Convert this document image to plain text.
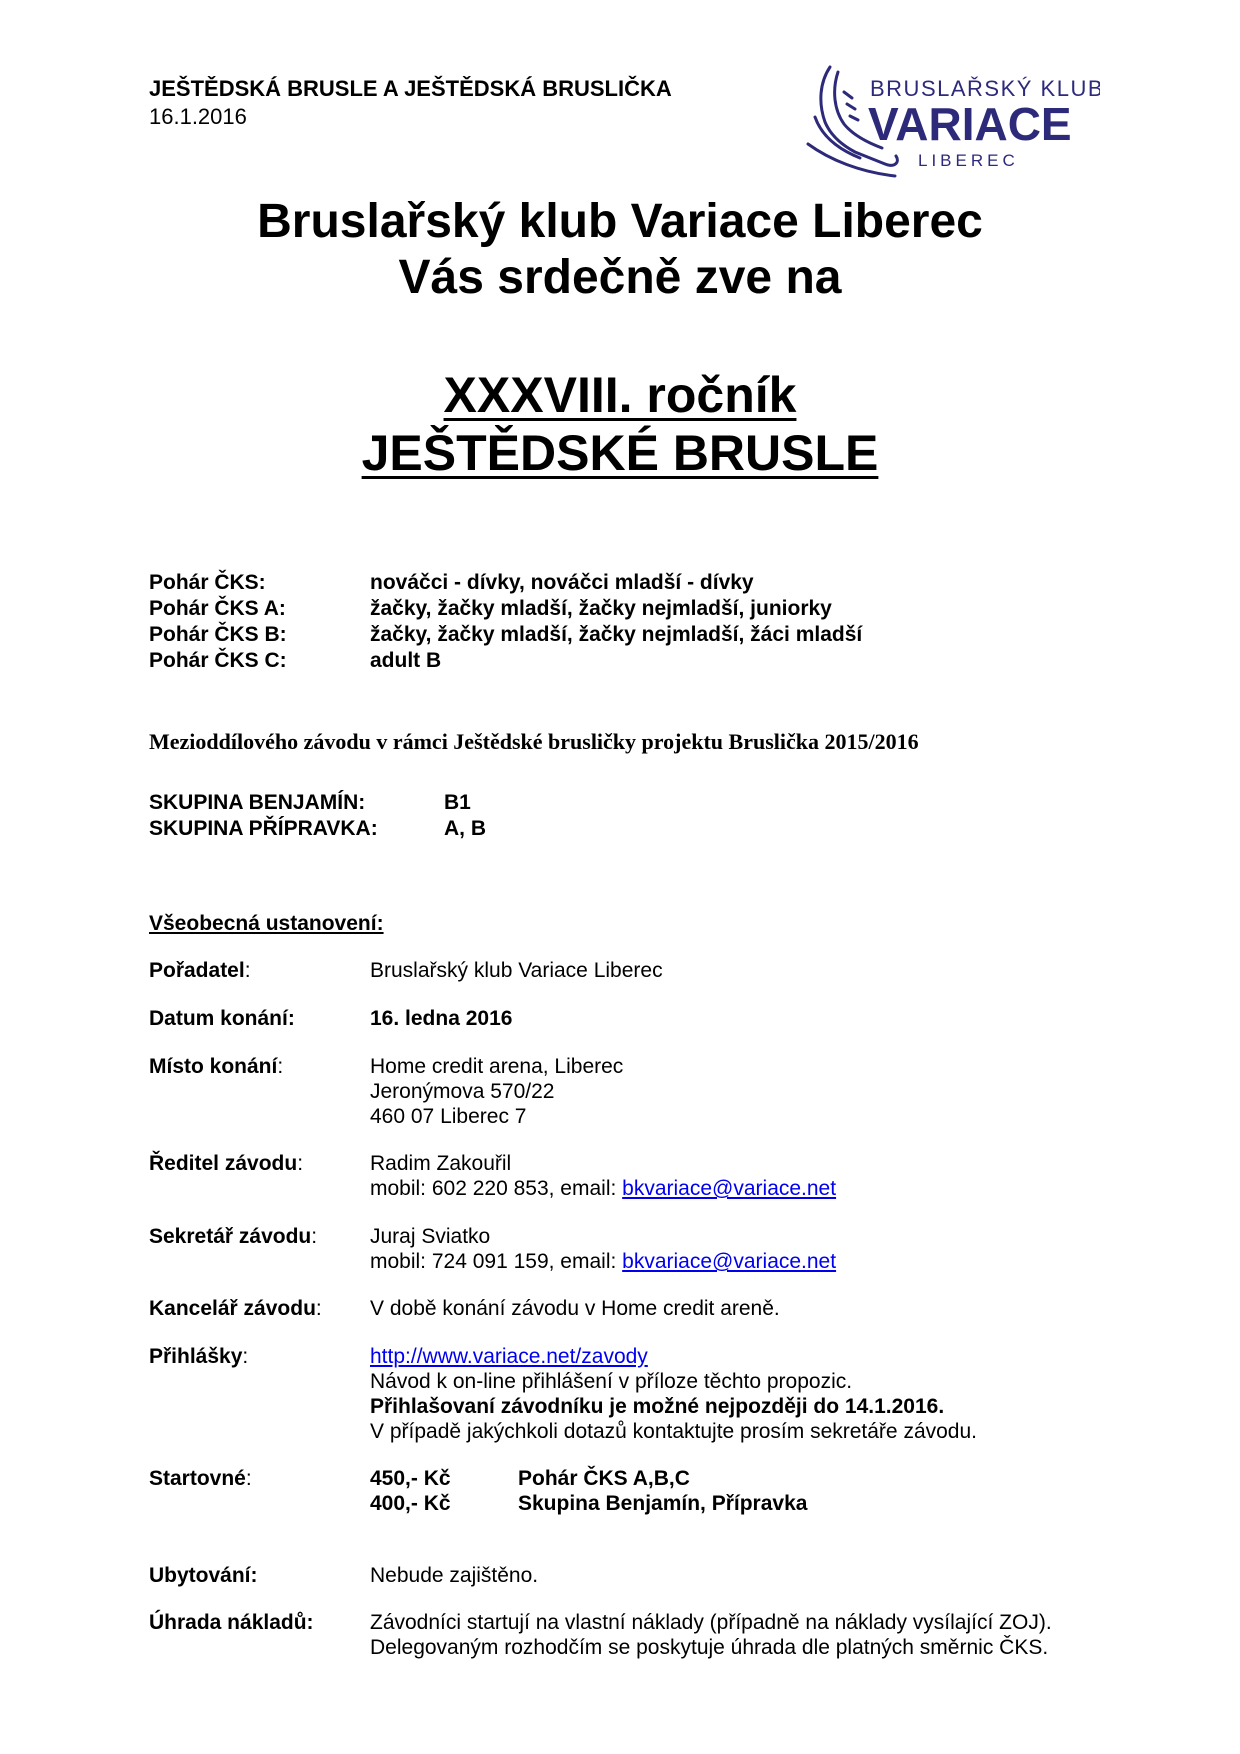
JEŠTĚDSKÁ BRUSLE A JEŠTĚDSKÁ BRUSLIČKA
16.1.2016
BRUSLAŘSKÝ KLUB
VARIACE
LIBEREC
Bruslařský klub Variace Liberec
Vás srdečně zve na
XXXVIII. ročník
JEŠTĚDSKÉ BRUSLE
Pohár ČKS:	nováčci - dívky, nováčci mladší - dívky
Pohár ČKS A:	žačky, žačky mladší, žačky nejmladší, juniorky
Pohár ČKS B:	žačky, žačky mladší, žačky nejmladší, žáci mladší
Pohár ČKS C:	adult B
Mezioddílového závodu v rámci Ještědské brusličky projektu Bruslička 2015/2016
SKUPINA BENJAMÍN:	B1
SKUPINA PŘÍPRAVKA:	A, B
Všeobecná ustanovení:
Pořadatel:	Bruslařský klub Variace Liberec
Datum konání:	16. ledna 2016
Místo konání:	Home credit arena, Liberec
Jeronýmova 570/22
460 07 Liberec 7
Ředitel závodu:	Radim Zakouřil
mobil: 602 220 853, email: bkvariace@variace.net
Sekretář závodu:	Juraj Sviatko
mobil: 724 091 159, email: bkvariace@variace.net
Kancelář závodu: V době konání závodu v Home credit areně.
Přihlášky:	http://www.variace.net/zavody
Návod k on-line přihlášení v příloze těchto propozic.
Přihlašovaní závodníku je možné nejpozději do 14.1.2016.
V případě jakýchkoli dotazů kontaktujte prosím sekretáře závodu.
Startovné:	450,- Kč	Pohár ČKS A,B,C
400,- Kč	Skupina Benjamín, Přípravka
Ubytování:	Nebude zajištěno.
Úhrada nákladů:	Závodníci startují na vlastní náklady (případně na náklady vysílající ZOJ).
Delegovaným rozhodčím se poskytuje úhrada dle platných směrnic ČKS.
